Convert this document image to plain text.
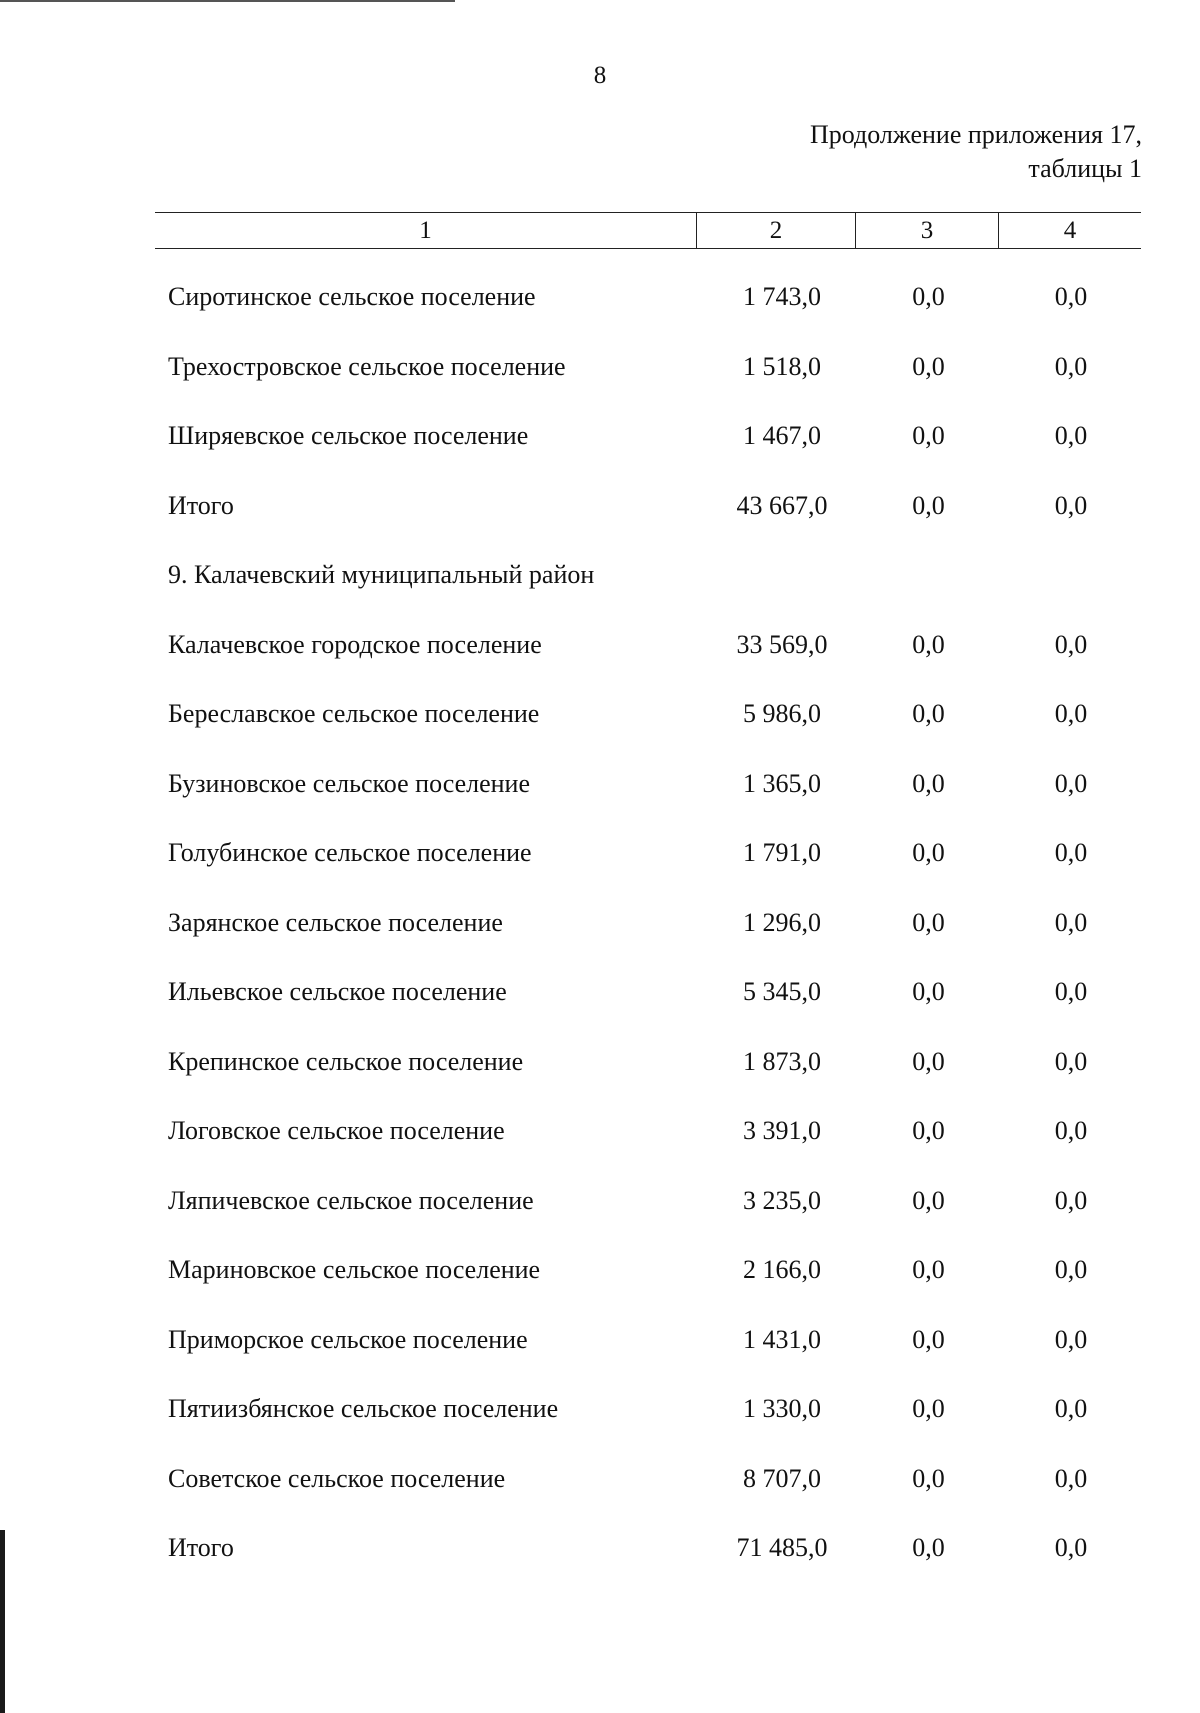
8
Продолжение приложения 17,
таблицы 1
1	2	3	4
Сиротинское сельское поселение	1 743,0	0,0	0,0
Трехостровское сельское поселение	1 518,0	0,0	0,0
Ширяевское сельское поселение	1 467,0	0,0	0,0
Итого	43 667,0	0,0	0,0
9. Калачевский муниципальный район
Калачевское городское поселение	33 569,0	0,0	0,0
Береславское сельское поселение	5 986,0	0,0	0,0
Бузиновское сельское поселение	1 365,0	0,0	0,0
Голубинское сельское поселение	1 791,0	0,0	0,0
Зарянское сельское поселение	1 296,0	0,0	0,0
Ильевское сельское поселение	5 345,0	0,0	0,0
Крепинское сельское поселение	1 873,0	0,0	0,0
Логовское сельское поселение	3 391,0	0,0	0,0
Ляпичевское сельское поселение	3 235,0	0,0	0,0
Мариновское сельское поселение	2 166,0	0,0	0,0
Приморское сельское поселение	1 431,0	0,0	0,0
Пятиизбянское сельское поселение	1 330,0	0,0	0,0
Советское сельское поселение	8 707,0	0,0	0,0
Итого	71 485,0	0,0	0,0
